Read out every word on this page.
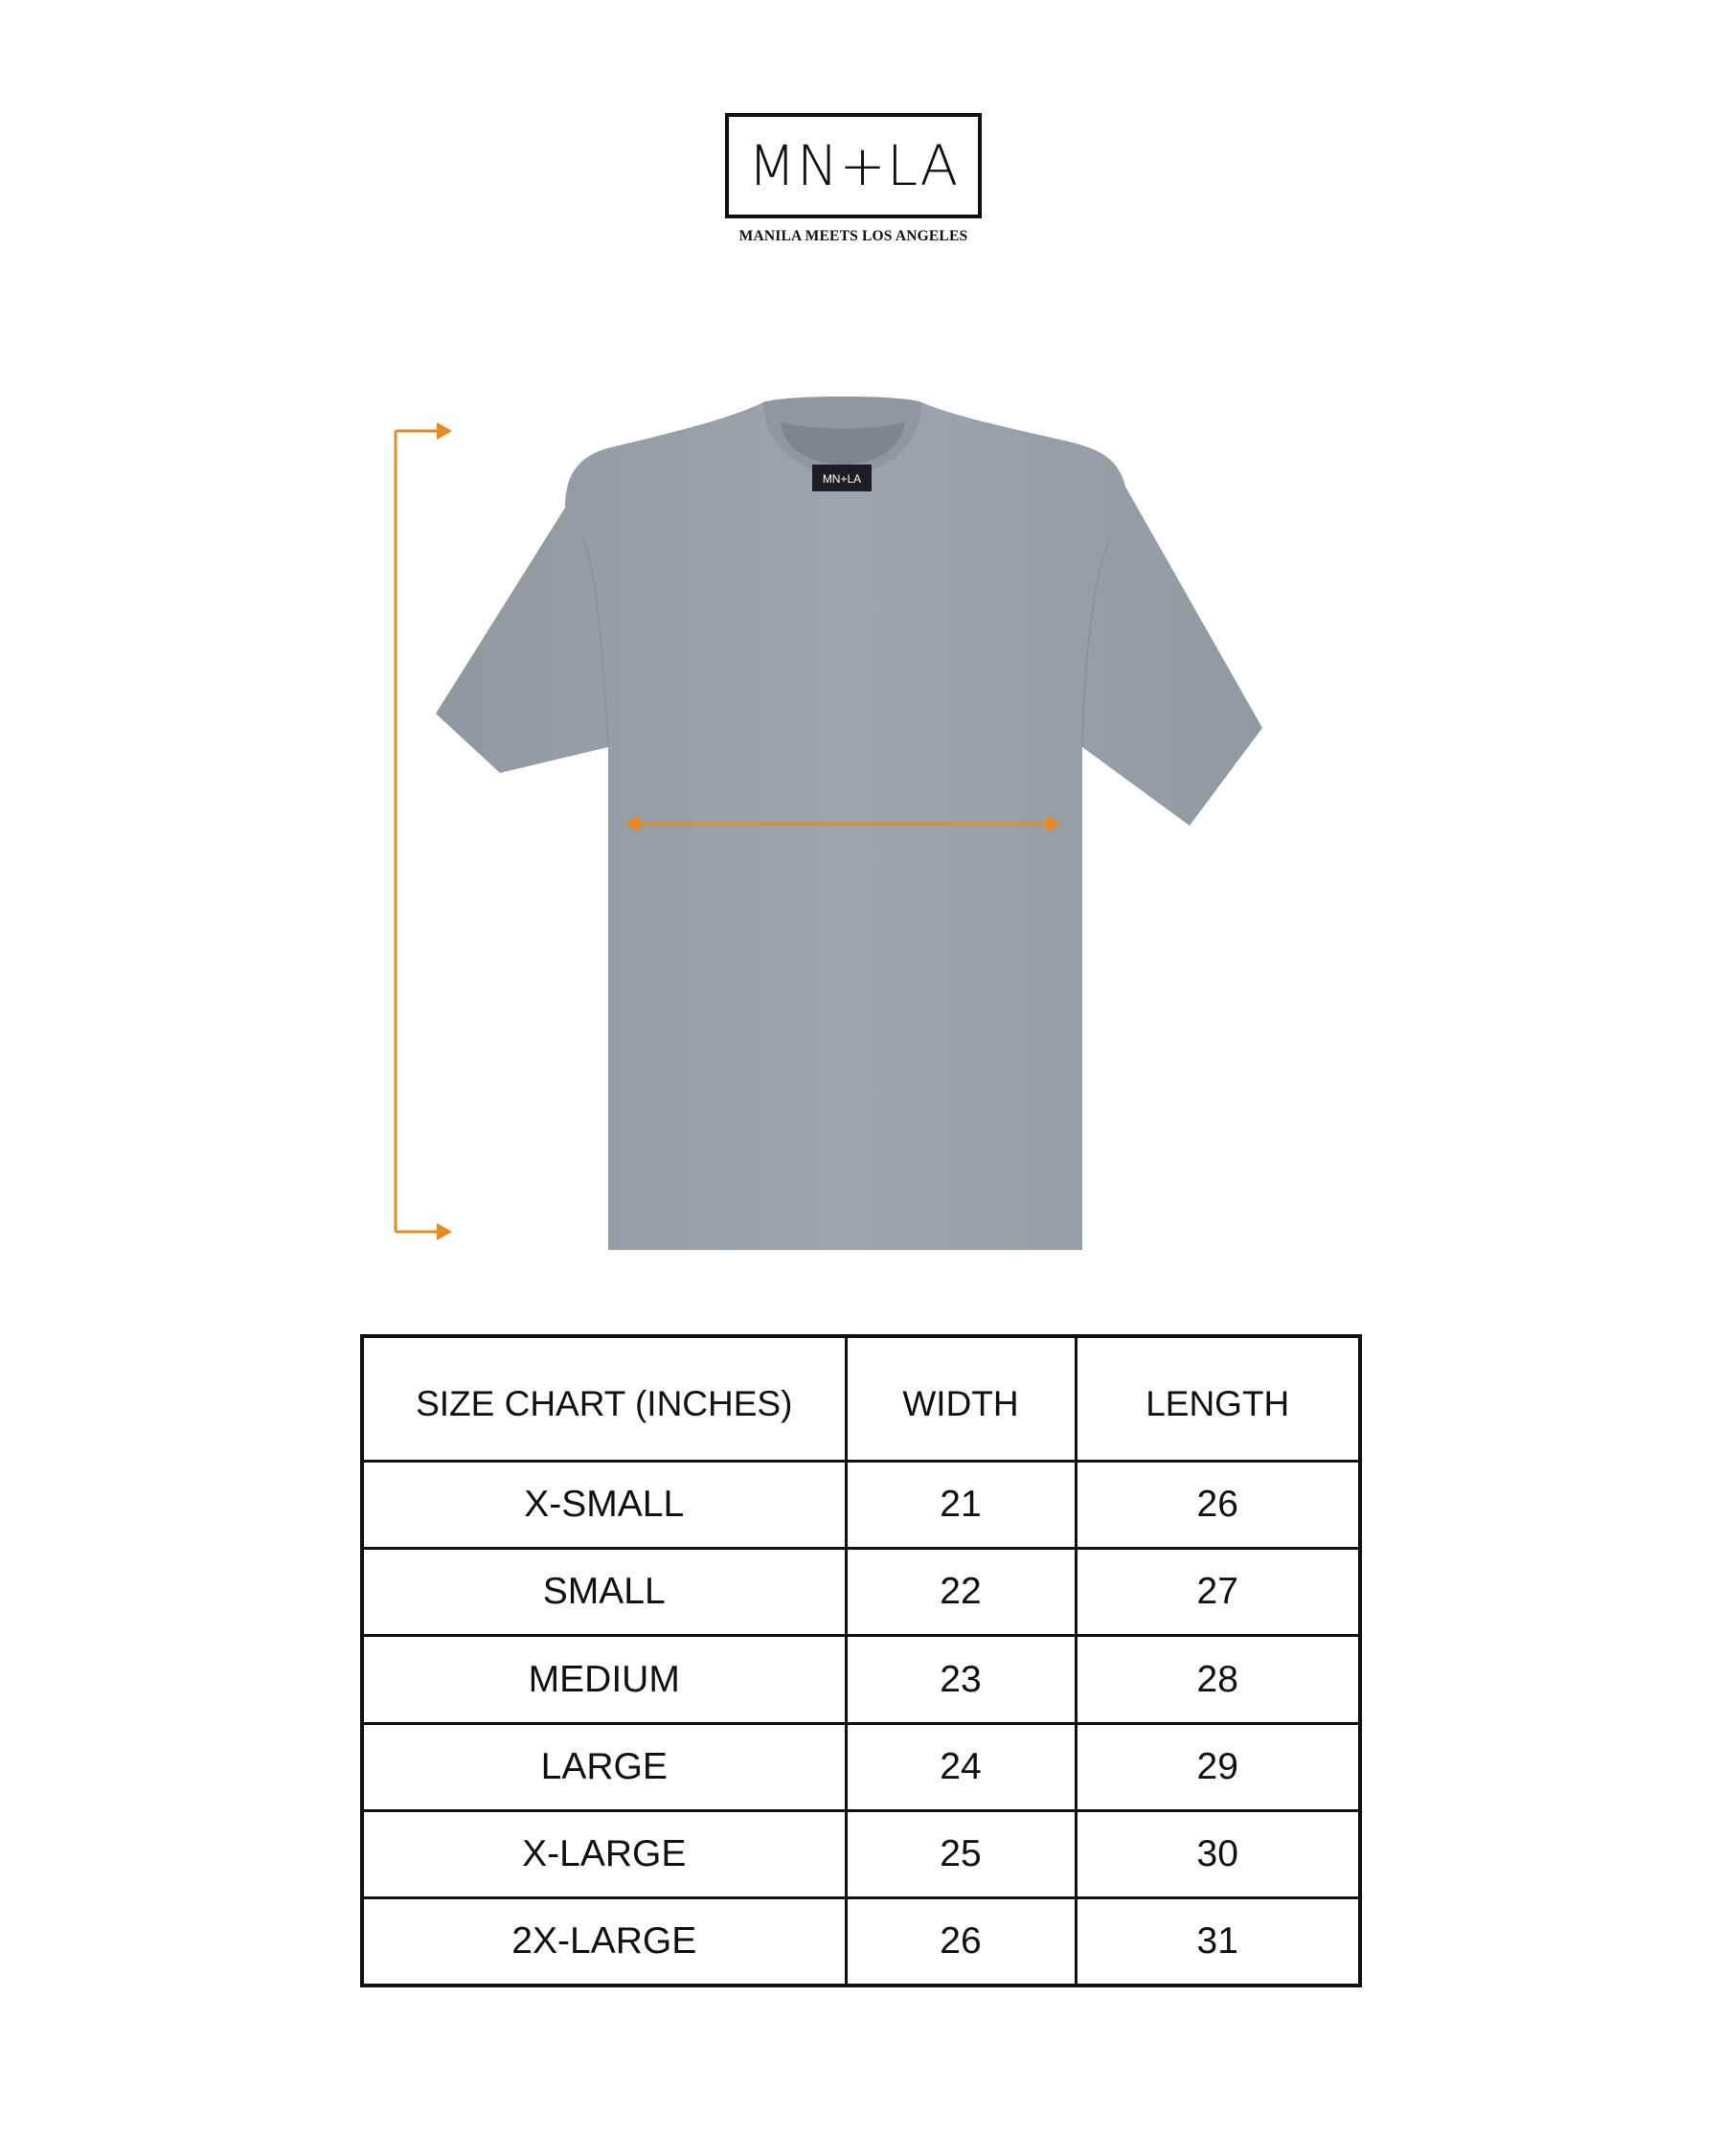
MN+LA
MANILA MEETS LOS ANGELES
MN+LA
SIZE CHART (INCHES)	WIDTH	LENGTH
X-SMALL	21	26
SMALL	22	27
MEDIUM	23	28
LARGE	24	29
X-LARGE	25	30
2X-LARGE	26	31
